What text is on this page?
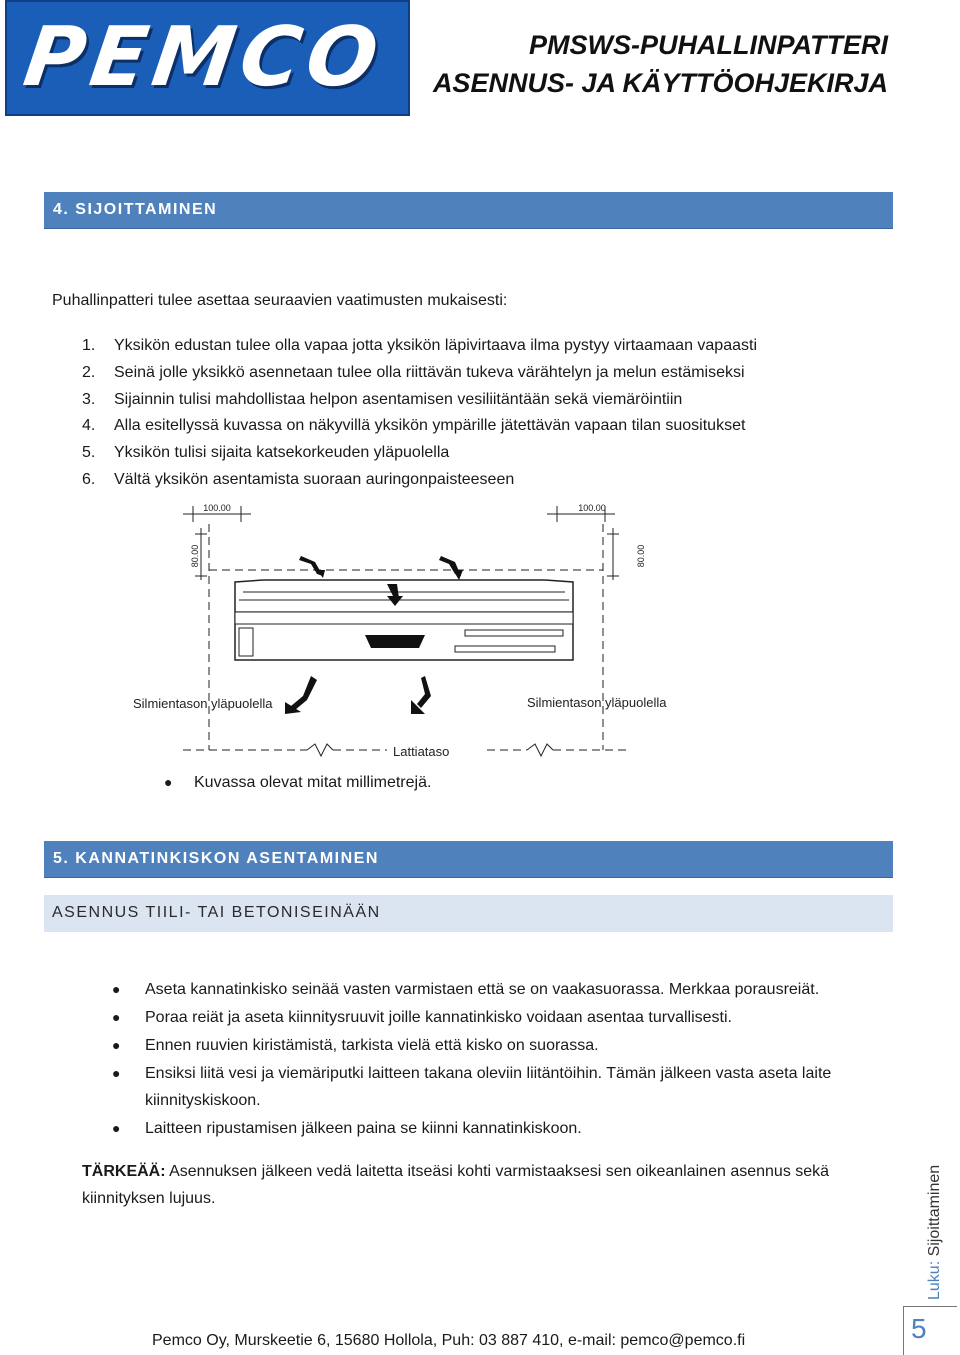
PEMCO	PMSWS-PUHALLINPATTERI
ASENNUS- JA KÄYTTÖOHJEKIRJA
4. SIJOITTAMINEN
Puhallinpatteri tulee asettaa seuraavien vaatimusten mukaisesti:
1.	Yksikön edustan tulee olla vapaa jotta yksikön läpivirtaava ilma pystyy virtaamaan vapaasti
2.	Seinä jolle yksikkö asennetaan tulee olla riittävän tukeva värähtelyn ja melun estämiseksi
3.	Sijainnin tulisi mahdollistaa helpon asentamisen vesiliitäntään sekä viemäröintiin
4.	Alla esitellyssä kuvassa on näkyvillä yksikön ympärille jätettävän vapaan tilan suositukset
5.	Yksikön tulisi sijaita katsekorkeuden yläpuolella
6.	Vältä yksikön asentamista suoraan auringonpaisteeseen
100.00	100.00
80.00	80.00
Silmientason yläpuolella	Silmientason yläpuolella
Lattiataso
●	Kuvassa olevat mitat millimetrejä.
5. KANNATINKISKON ASENTAMINEN
ASENNUS TIILI- TAI BETONISEINÄÄN
●	Aseta kannatinkisko seinää vasten varmistaen että se on vaakasuorassa. Merkkaa porausreiät.
●	Poraa reiät ja aseta kiinnitysruuvit joille kannatinkisko voidaan asentaa turvallisesti.
●	Ennen ruuvien kiristämistä, tarkista vielä että kisko on suorassa.
●	Ensiksi liitä vesi ja viemäriputki laitteen takana oleviin liitäntöihin. Tämän jälkeen vasta aseta laite kiinnityskiskoon.
●	Laitteen ripustamisen jälkeen paina se kiinni kannatinkiskoon.
TÄRKEÄÄ: Asennuksen jälkeen vedä laitetta itseäsi kohti varmistaaksesi sen oikeanlainen asennus sekä kiinnityksen lujuus.
Pemco Oy, Murskeetie 6, 15680 Hollola, Puh: 03 887 410, e-mail: pemco@pemco.fi
Luku: Sijoittaminen
5
